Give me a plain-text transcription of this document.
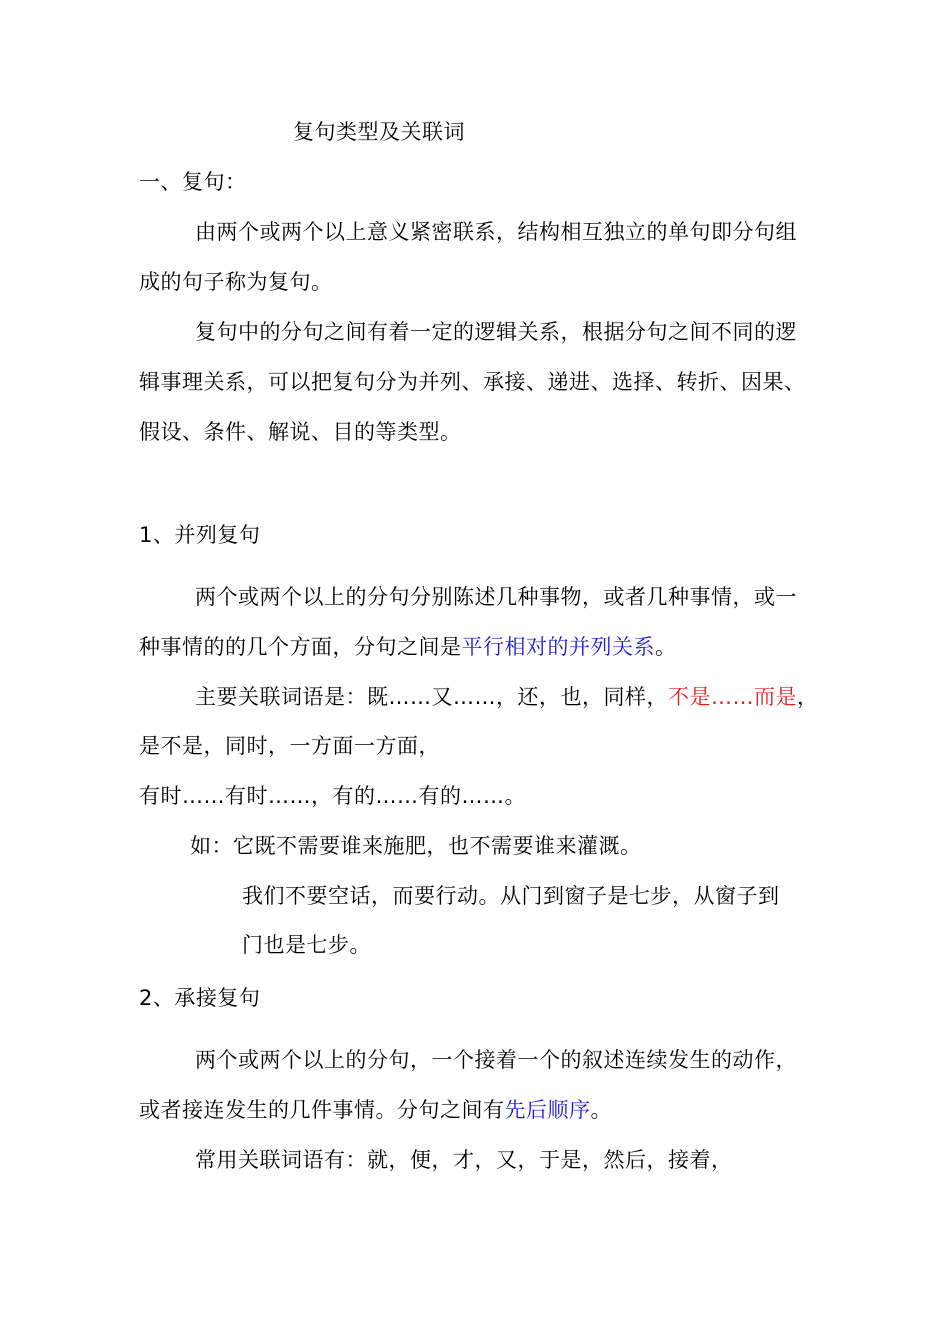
复句类型及关联词
一、复句：
由两个或两个以上意义紧密联系，结构相互独立的单句即分句组
成的句子称为复句。
复句中的分句之间有着一定的逻辑关系，根据分句之间不同的逻
辑事理关系，可以把复句分为并列、承接、递进、选择、转折、因果、
假设、条件、解说、目的等类型。
1、并列复句
两个或两个以上的分句分别陈述几种事物，或者几种事情，或一
种事情的的几个方面，分句之间是平行相对的并列关系。
主要关联词语是：既……又……，还，也，同样，不是……而是，
是不是，同时，一方面一方面，
有时……有时……，有的……有的……。
如：它既不需要谁来施肥，也不需要谁来灌溉。
我们不要空话，而要行动。从门到窗子是七步，从窗子到
门也是七步。
2、承接复句
两个或两个以上的分句，一个接着一个的叙述连续发生的动作，
或者接连发生的几件事情。分句之间有先后顺序。
常用关联词语有：就，便，才，又，于是，然后，接着，
